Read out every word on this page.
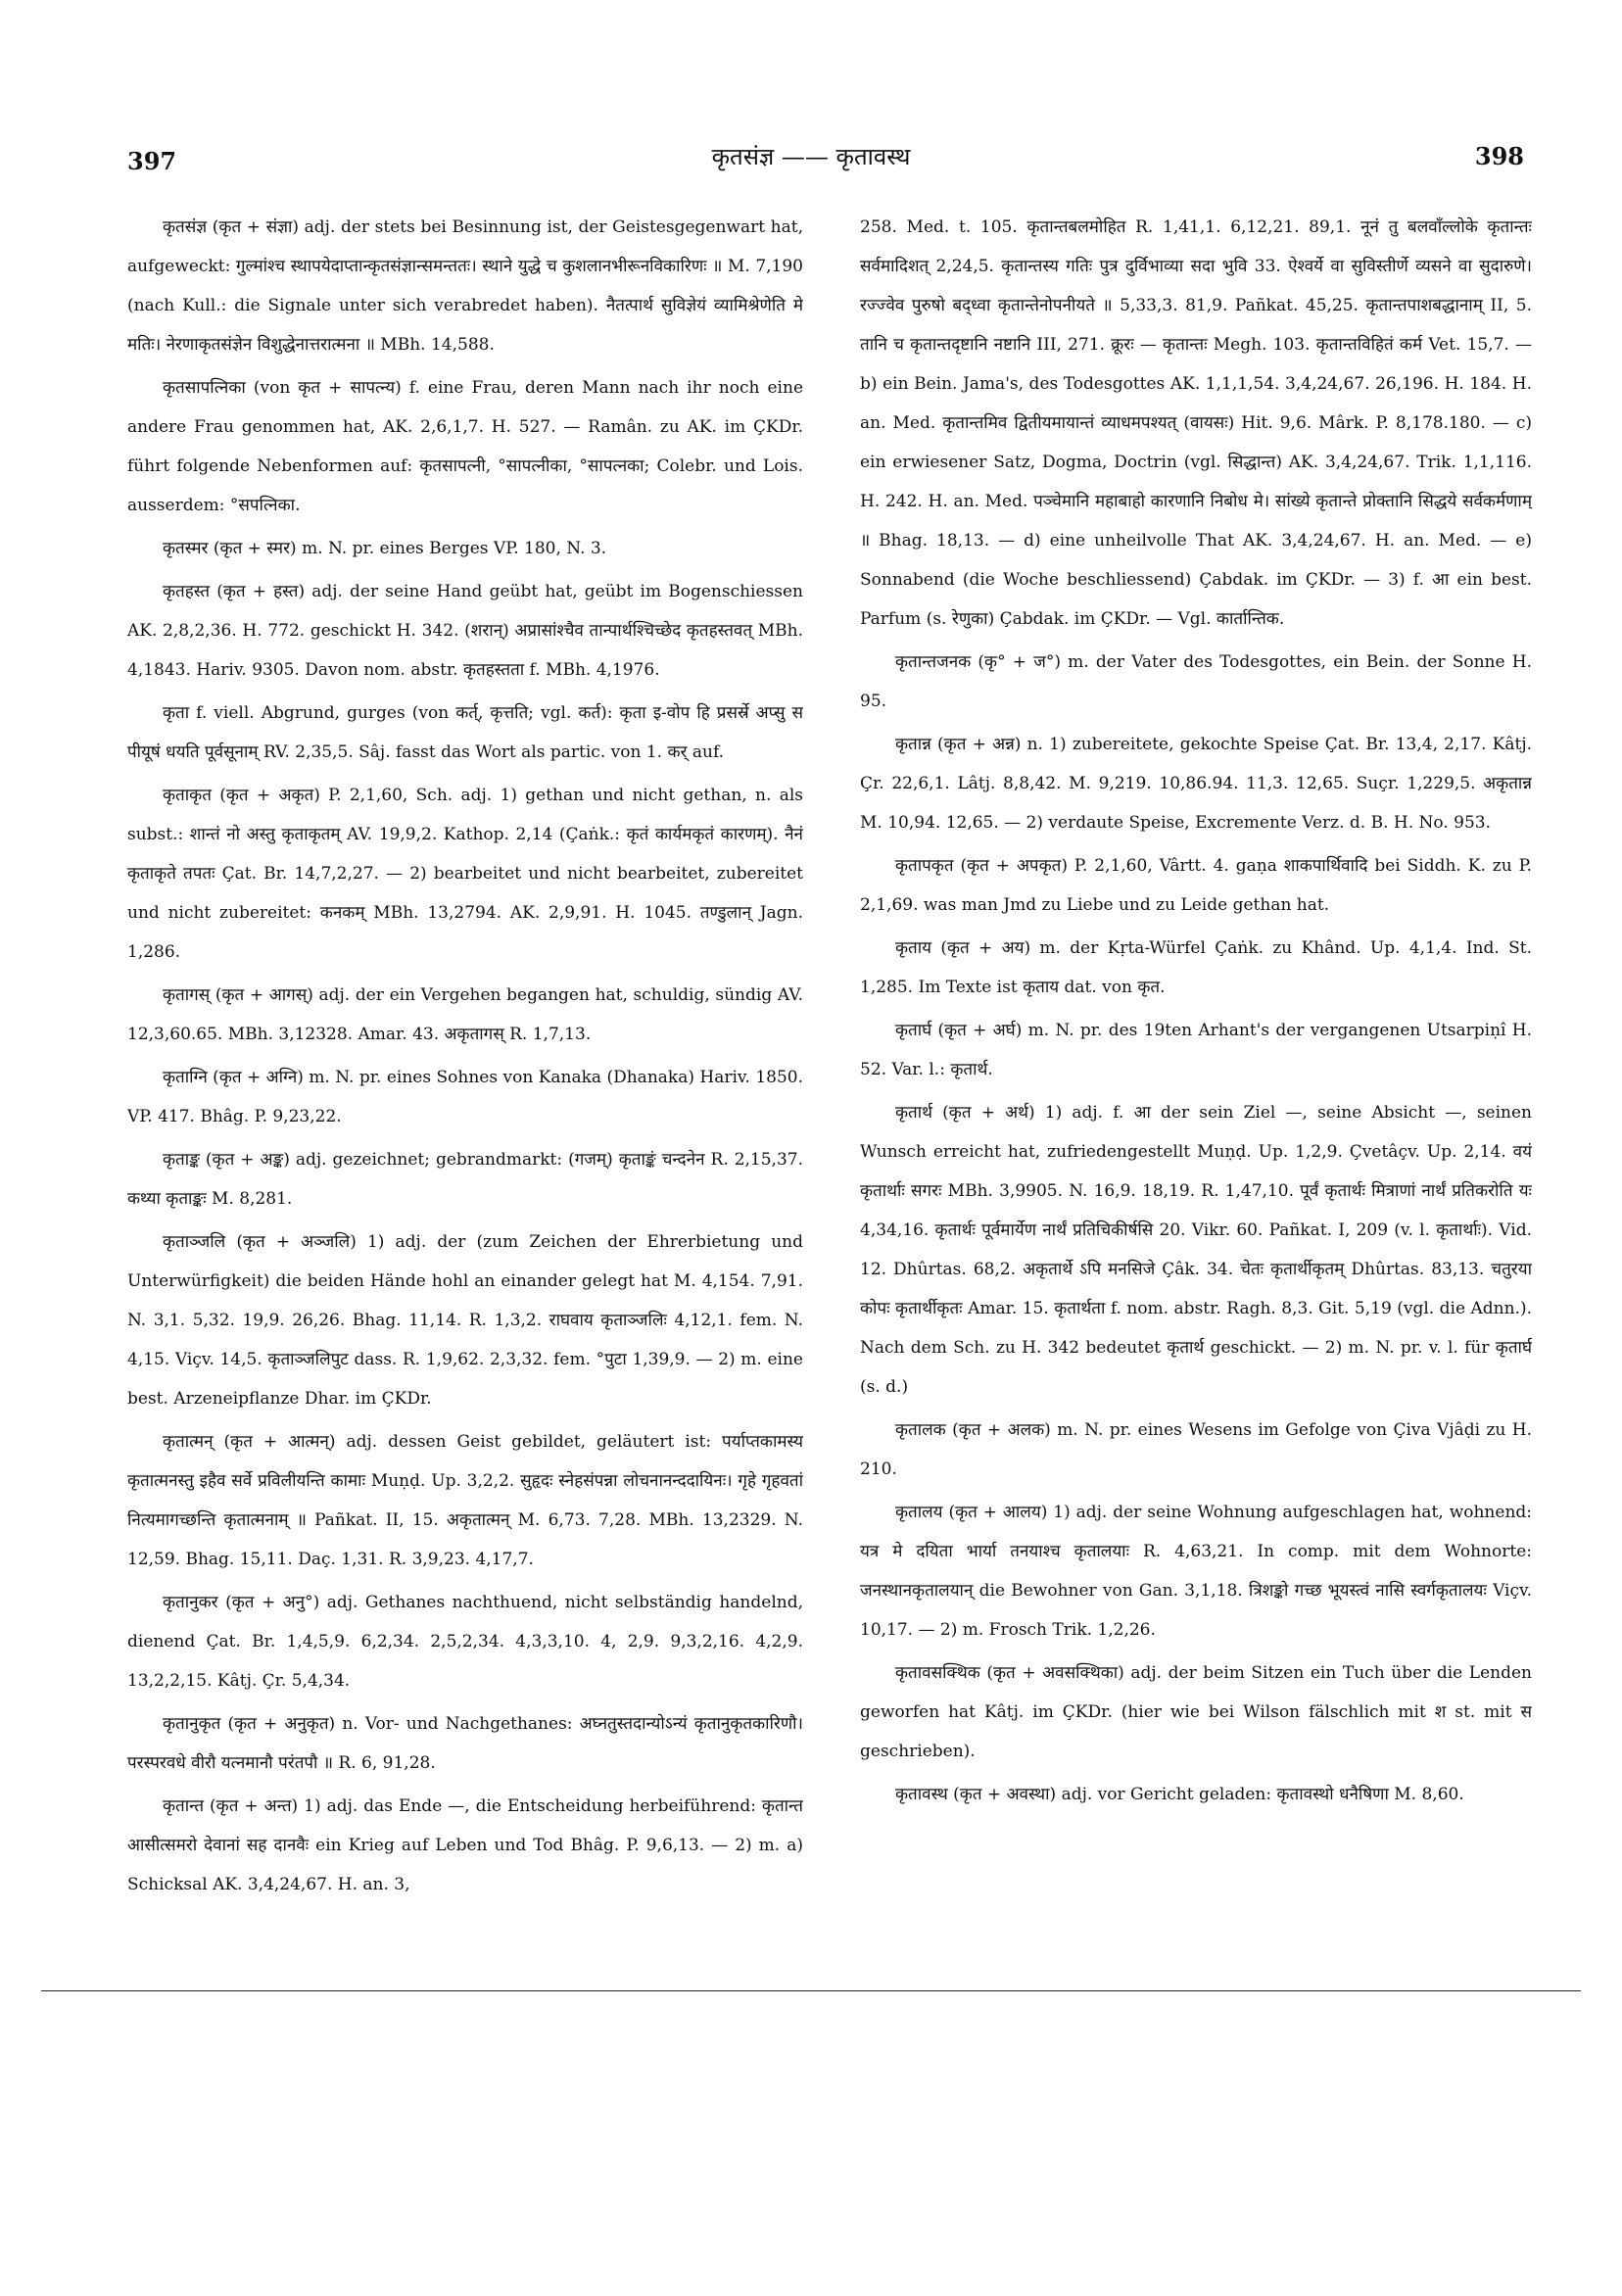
397	कृतसंज्ञ —— कृतावस्थ	398

कृतसंज्ञ (कृत + संज्ञा) adj. der stets bei Besinnung ist, der Geistesgegenwart hat, aufgeweckt: गुल्मांश्च स्थापयेदाप्तान्कृतसंज्ञान्समन्ततः। स्थाने युद्धे च कुशलानभीरूनविकारिणः ॥ M. 7,190 (nach Kull.: die Signale unter sich verabredet haben). नैतत्पार्थ सुविज्ञेयं व्यामिश्रेणेति मे मतिः। नेरणाकृतसंज्ञेन विशुद्धेनात्तरात्मना ॥ MBh. 14,588.

कृतसापत्निका (von कृत + सापत्न्य) f. eine Frau, deren Mann nach ihr noch eine andere Frau genommen hat, AK. 2,6,1,7. H. 527. — Ramân. zu AK. im ÇKDr. führt folgende Nebenformen auf: कृतसापत्नी, °सापत्नीका, °सापत्नका; Colebr. und Lois. ausserdem: °सपत्निका.

कृतस्मर (कृत + स्मर) m. N. pr. eines Berges VP. 180, N. 3.

कृतहस्त (कृत + हस्त) adj. der seine Hand geübt hat, geübt im Bogenschiessen AK. 2,8,2,36. H. 772. geschickt H. 342. (शरान्) अप्रासांश्चैव तान्पार्थश्चिच्छेद कृतहस्तवत् MBh. 4,1843. Hariv. 9305. Davon nom. abstr. कृतहस्तता f. MBh. 4,1976.

कृता f. viell. Abgrund, gurges (von कर्त्, कृत्तति; vgl. कर्त): कृता इ-वोप हि प्रसर्स्रे अप्सु स पीयूषं धयति पूर्वसूनाम् RV. 2,35,5. Sâj. fasst das Wort als partic. von 1. कर् auf.

कृताकृत (कृत + अकृत) P. 2,1,60, Sch. adj. 1) gethan und nicht gethan, n. als subst.: शान्तं नो अस्तु कृताकृतम् AV. 19,9,2. Kathop. 2,14 (Çaṅk.: कृतं कार्यमकृतं कारणम्). नैनं कृताकृते तपतः Çat. Br. 14,7,2,27. — 2) bearbeitet und nicht bearbeitet, zubereitet und nicht zubereitet: कनकम् MBh. 13,2794. AK. 2,9,91. H. 1045. तण्डुलान् Jagn. 1,286.

कृतागस् (कृत + आगस्) adj. der ein Vergehen begangen hat, schuldig, sündig AV. 12,3,60.65. MBh. 3,12328. Amar. 43. अकृतागस् R. 1,7,13.

कृताग्नि (कृत + अग्नि) m. N. pr. eines Sohnes von Kanaka (Dhanaka) Hariv. 1850. VP. 417. Bhâg. P. 9,23,22.

कृताङ्क (कृत + अङ्क) adj. gezeichnet; gebrandmarkt: (गजम्) कृताङ्कं चन्दनेन R. 2,15,37. कथ्या कृताङ्कः M. 8,281.

कृताञ्जलि (कृत + अञ्जलि) 1) adj. der (zum Zeichen der Ehrerbietung und Unterwürfigkeit) die beiden Hände hohl an einander gelegt hat M. 4,154. 7,91. N. 3,1. 5,32. 19,9. 26,26. Bhag. 11,14. R. 1,3,2. राघवाय कृताञ्जलिः 4,12,1. fem. N. 4,15. Viçv. 14,5. कृताञ्जलिपुट dass. R. 1,9,62. 2,3,32. fem. °पुटा 1,39,9. — 2) m. eine best. Arzeneipflanze Dhar. im ÇKDr.

कृतात्मन् (कृत + आत्मन्) adj. dessen Geist gebildet, geläutert ist: पर्याप्तकामस्य कृतात्मनस्तु इहैव सर्वे प्रविलीयन्ति कामाः Muṇḍ. Up. 3,2,2. सुहृदः स्नेहसंपन्ना लोचनानन्ददायिनः। गृहे गृहवतां नित्यमागच्छन्ति कृतात्मनाम् ॥ Pañkat. II, 15. अकृतात्मन् M. 6,73. 7,28. MBh. 13,2329. N. 12,59. Bhag. 15,11. Daç. 1,31. R. 3,9,23. 4,17,7.

कृतानुकर (कृत + अनु°) adj. Gethanes nachthuend, nicht selbständig handelnd, dienend Çat. Br. 1,4,5,9. 6,2,34. 2,5,2,34. 4,3,3,10. 4, 2,9. 9,3,2,16. 4,2,9. 13,2,2,15. Kâtj. Çr. 5,4,34.

कृतानुकृत (कृत + अनुकृत) n. Vor- und Nachgethanes: अघ्नतुस्तदान्योऽन्यं कृतानुकृतकारिणौ। परस्परवधे वीरौ यत्नमानौ परंतपौ ॥ R. 6, 91,28.

कृतान्त (कृत + अन्त) 1) adj. das Ende —, die Entscheidung herbeiführend: कृतान्त आसीत्समरो देवानां सह दानवैः ein Krieg auf Leben und Tod Bhâg. P. 9,6,13. — 2) m. a) Schicksal AK. 3,4,24,67. H. an. 3,

258. Med. t. 105. कृतान्तबलमोहित R. 1,41,1. 6,12,21. 89,1. नूनं तु बलवाँल्लोके कृतान्तः सर्वमादिशत् 2,24,5. कृतान्तस्य गतिः पुत्र दुर्विभाव्या सदा भुवि 33. ऐश्वर्ये वा सुविस्तीर्णे व्यसने वा सुदारुणे। रज्ज्वेव पुरुषो बद्ध्वा कृतान्तेनोपनीयते ॥ 5,33,3. 81,9. Pañkat. 45,25. कृतान्तपाशबद्धानाम् II, 5. तानि च कृतान्तदृष्टानि नष्टानि III, 271. क्रूरः — कृतान्तः Megh. 103. कृतान्तविहितं कर्म Vet. 15,7. — b) ein Bein. Jama's, des Todesgottes AK. 1,1,1,54. 3,4,24,67. 26,196. H. 184. H. an. Med. कृतान्तमिव द्वितीयमायान्तं व्याधमपश्यत् (वायसः) Hit. 9,6. Mârk. P. 8,178.180. — c) ein erwiesener Satz, Dogma, Doctrin (vgl. सिद्धान्त) AK. 3,4,24,67. Trik. 1,1,116. H. 242. H. an. Med. पञ्चेमानि महाबाहो कारणानि निबोध मे। सांख्ये कृतान्ते प्रोक्तानि सिद्धये सर्वकर्मणाम् ॥ Bhag. 18,13. — d) eine unheilvolle That AK. 3,4,24,67. H. an. Med. — e) Sonnabend (die Woche beschliessend) Çabdak. im ÇKDr. — 3) f. आ ein best. Parfum (s. रेणुका) Çabdak. im ÇKDr. — Vgl. कार्तान्तिक.

कृतान्तजनक (कृ° + ज°) m. der Vater des Todesgottes, ein Bein. der Sonne H. 95.

कृतान्न (कृत + अन्न) n. 1) zubereitete, gekochte Speise Çat. Br. 13,4, 2,17. Kâtj. Çr. 22,6,1. Lâtj. 8,8,42. M. 9,219. 10,86.94. 11,3. 12,65. Suçr. 1,229,5. अकृतान्न M. 10,94. 12,65. — 2) verdaute Speise, Excremente Verz. d. B. H. No. 953.

कृतापकृत (कृत + अपकृत) P. 2,1,60, Vârtt. 4. gaṇa शाकपार्थिवादि bei Siddh. K. zu P. 2,1,69. was man Jmd zu Liebe und zu Leide gethan hat.

कृताय (कृत + अय) m. der Kṛta-Würfel Çaṅk. zu Khând. Up. 4,1,4. Ind. St. 1,285. Im Texte ist कृताय dat. von कृत.

कृतार्घ (कृत + अर्घ) m. N. pr. des 19ten Arhant's der vergangenen Utsarpiṇî H. 52. Var. l.: कृतार्थ.

कृतार्थ (कृत + अर्थ) 1) adj. f. आ der sein Ziel —, seine Absicht —, seinen Wunsch erreicht hat, zufriedengestellt Muṇḍ. Up. 1,2,9. Çvetâçv. Up. 2,14. वयं कृतार्थाः सगरः MBh. 3,9905. N. 16,9. 18,19. R. 1,47,10. पूर्वं कृतार्थः मित्राणां नार्थं प्रतिकरोति यः 4,34,16. कृतार्थः पूर्वमार्येण नार्थं प्रतिचिकीर्षसि 20. Vikr. 60. Pañkat. I, 209 (v. l. कृतार्थाः). Vid. 12. Dhûrtas. 68,2. अकृतार्थे ऽपि मनसिजे Çâk. 34. चेतः कृतार्थीकृतम् Dhûrtas. 83,13. चतुरया कोपः कृतार्थीकृतः Amar. 15. कृतार्थता f. nom. abstr. Ragh. 8,3. Git. 5,19 (vgl. die Adnn.). Nach dem Sch. zu H. 342 bedeutet कृतार्थ geschickt. — 2) m. N. pr. v. l. für कृतार्घ (s. d.)

कृतालक (कृत + अलक) m. N. pr. eines Wesens im Gefolge von Çiva Vjâḍi zu H. 210.

कृतालय (कृत + आलय) 1) adj. der seine Wohnung aufgeschlagen hat, wohnend: यत्र मे दयिता भार्या तनयाश्च कृतालयाः R. 4,63,21. In comp. mit dem Wohnorte: जनस्थानकृतालयान् die Bewohner von Gan. 3,1,18. त्रिशङ्को गच्छ भूयस्त्वं नासि स्वर्गकृतालयः Viçv. 10,17. — 2) m. Frosch Trik. 1,2,26.

कृतावसक्थिक (कृत + अवसक्थिका) adj. der beim Sitzen ein Tuch über die Lenden geworfen hat Kâtj. im ÇKDr. (hier wie bei Wilson fälschlich mit श st. mit स geschrieben).

कृतावस्थ (कृत + अवस्था) adj. vor Gericht geladen: कृतावस्थो धनैषिणा M. 8,60.
